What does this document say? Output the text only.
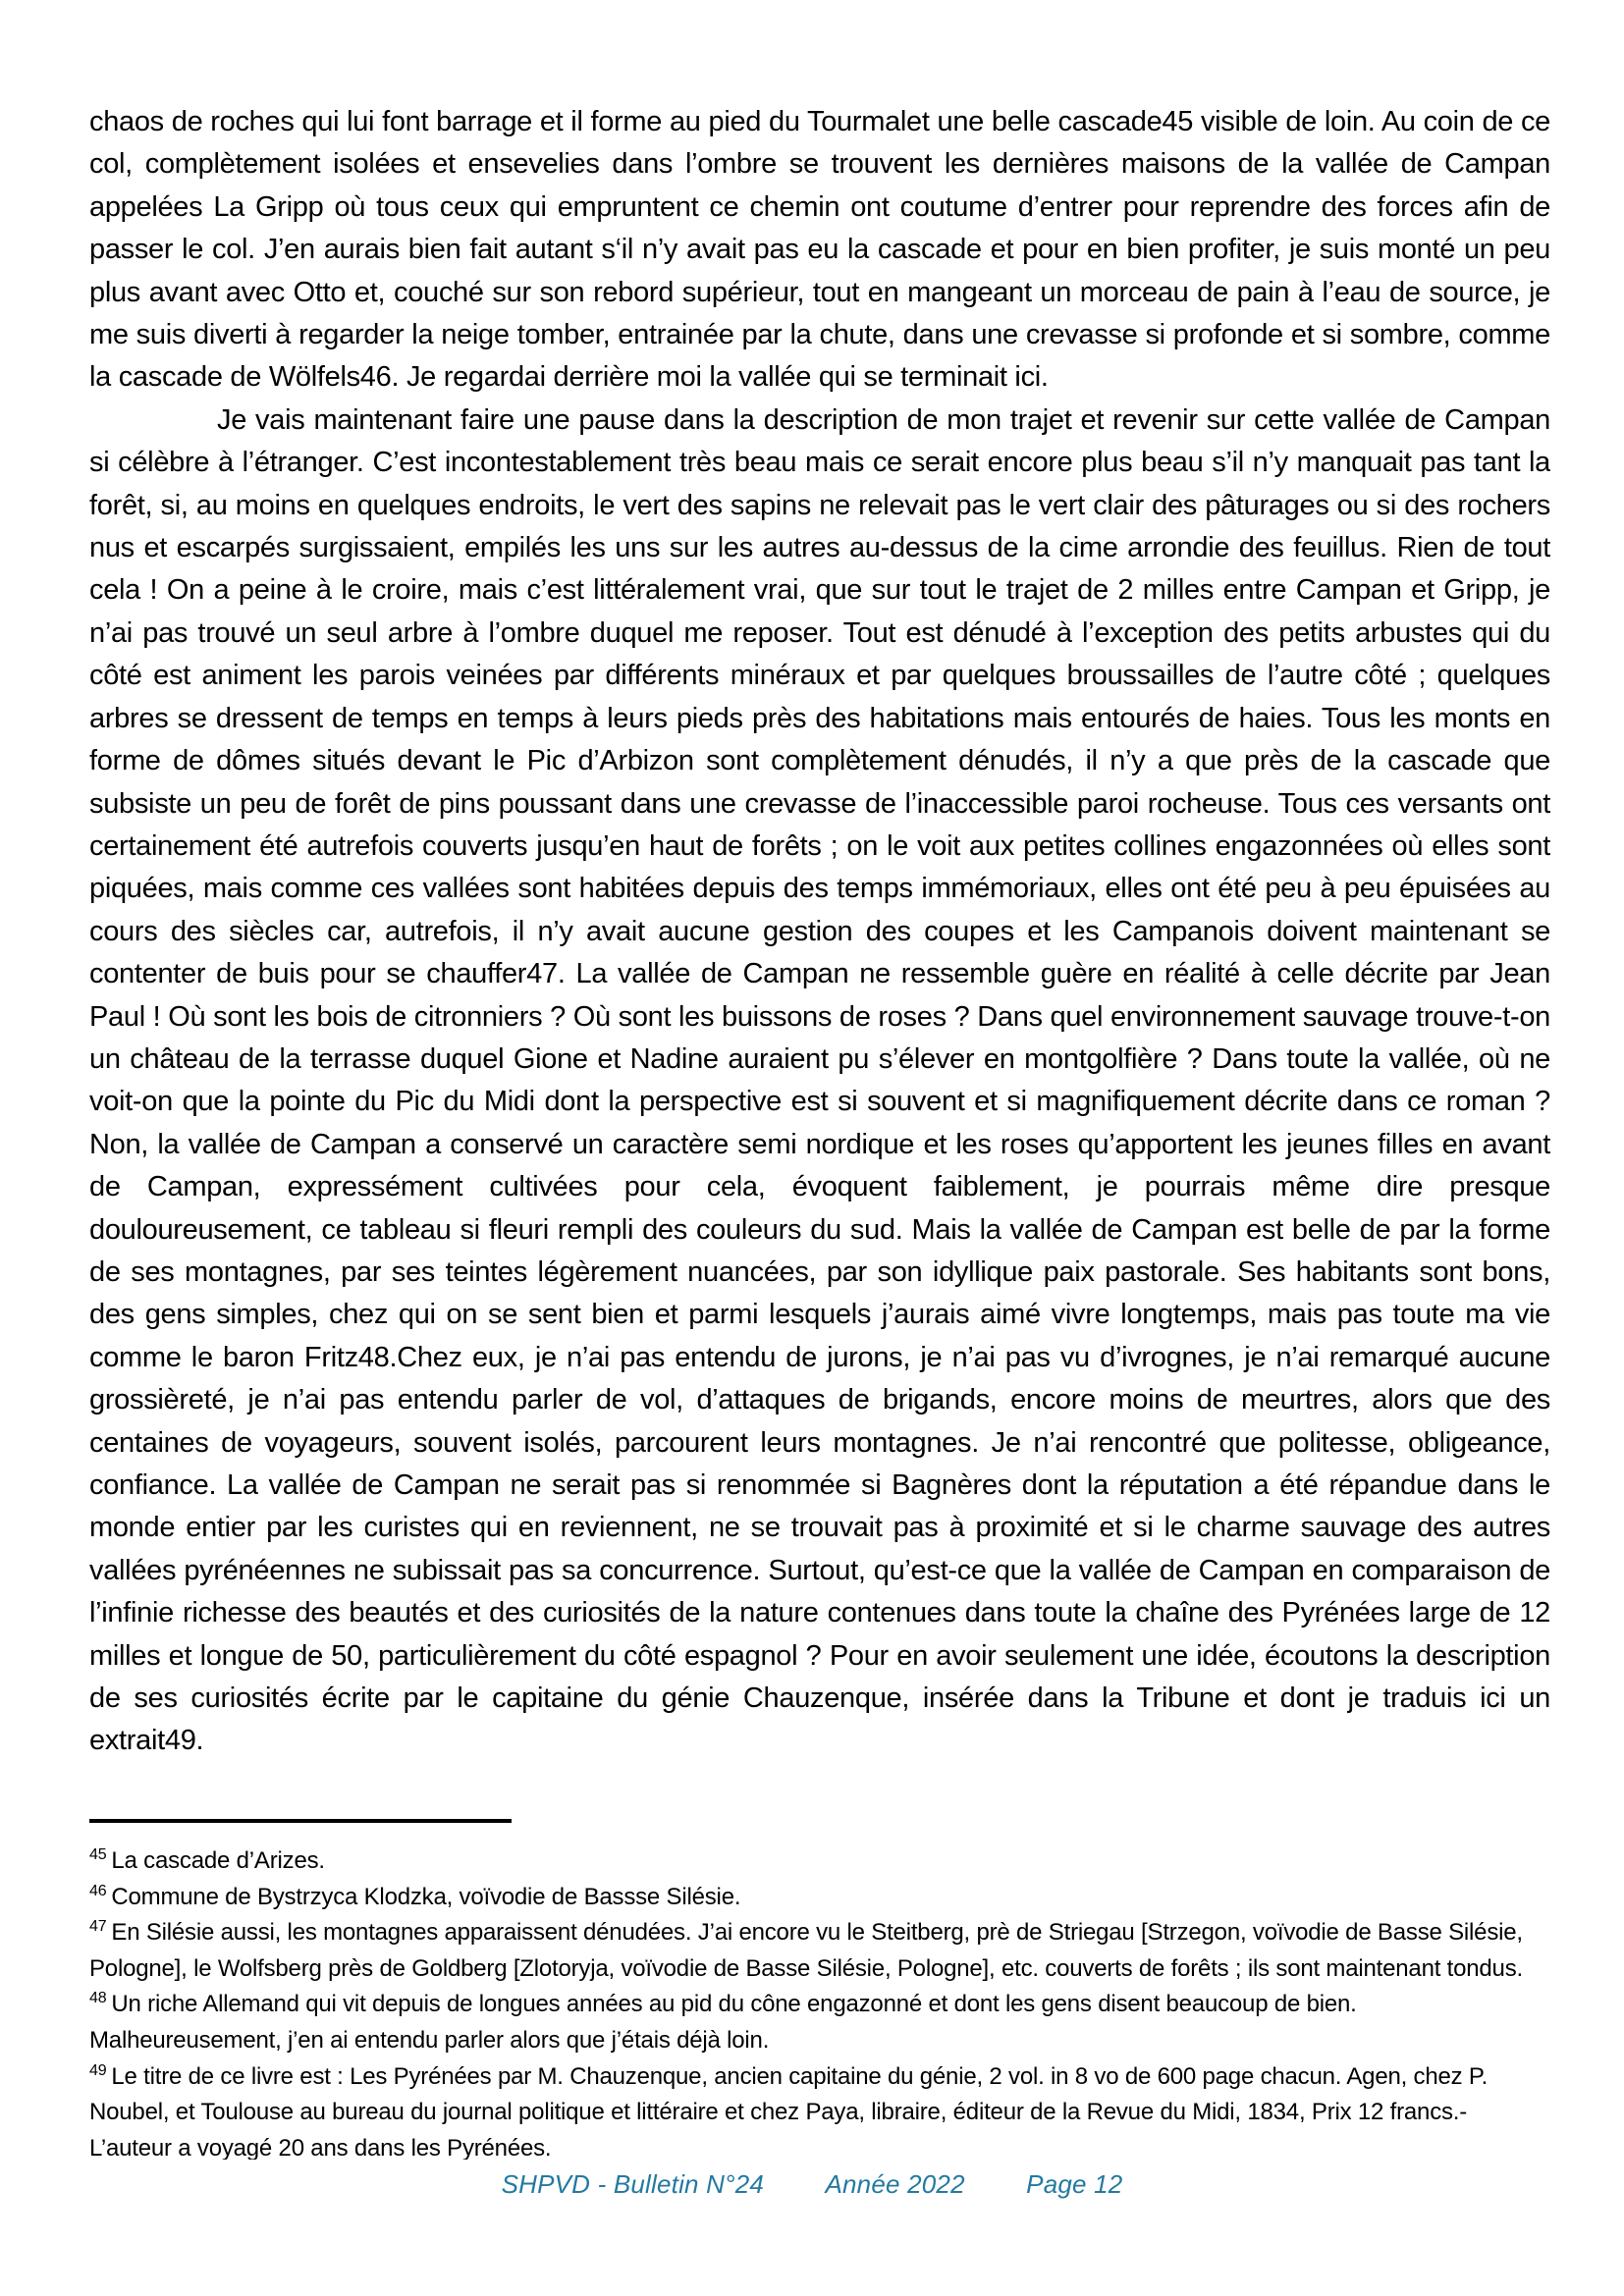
chaos de roches qui lui font barrage et il forme au pied du Tourmalet une belle cascade45 visible de loin. Au coin de ce col, complètement isolées et ensevelies dans l’ombre se trouvent les dernières maisons de la vallée de Campan appelées La Gripp où tous ceux qui empruntent ce chemin ont coutume d’entrer pour reprendre des forces afin de passer le col. J’en aurais bien fait autant s‘il n’y avait pas eu la cascade et pour en bien profiter, je suis monté un peu plus avant avec Otto et, couché sur son rebord supérieur, tout en mangeant un morceau de pain à l’eau de source, je me suis diverti à regarder la neige tomber, entrainée par la chute, dans une crevasse si profonde et si sombre, comme la cascade de Wölfels46. Je regardai derrière moi la vallée qui se terminait ici.

Je vais maintenant faire une pause dans la description de mon trajet et revenir sur cette vallée de Campan si célèbre à l’étranger. C’est incontestablement très beau mais ce serait encore plus beau s’il n’y manquait pas tant la forêt, si, au moins en quelques endroits, le vert des sapins ne relevait pas le vert clair des pâturages ou si des rochers nus et escarpés surgissaient, empilés les uns sur les autres au-dessus de la cime arrondie des feuillus. Rien de tout cela ! On a peine à le croire, mais c’est littéralement vrai, que sur tout le trajet de 2 milles entre Campan et Gripp, je n’ai pas trouvé un seul arbre à l’ombre duquel me reposer. Tout est dénudé à l’exception des petits arbustes qui du côté est animent les parois veinées par différents minéraux et par quelques broussailles de l’autre côté ; quelques arbres se dressent de temps en temps à leurs pieds près des habitations mais entourés de haies. Tous les monts en forme de dômes situés devant le Pic d’Arbizon sont complètement dénudés, il n’y a que près de la cascade que subsiste un peu de forêt de pins poussant dans une crevasse de l’inaccessible paroi rocheuse. Tous ces versants ont certainement été autrefois couverts jusqu’en haut de forêts ; on le voit aux petites collines engazonnées où elles sont piquées, mais comme ces vallées sont habitées depuis des temps immémoriaux, elles ont été peu à peu épuisées au cours des siècles car, autrefois, il n’y avait aucune gestion des coupes et les Campanois doivent maintenant se contenter de buis pour se chauffer47. La vallée de Campan ne ressemble guère en réalité à celle décrite par Jean Paul ! Où sont les bois de citronniers ? Où sont les buissons de roses ? Dans quel environnement sauvage trouve-t-on un château de la terrasse duquel Gione et Nadine auraient pu s’élever en montgolfière ? Dans toute la vallée, où ne voit-on que la pointe du Pic du Midi dont la perspective est si souvent et si magnifiquement décrite dans ce roman ? Non, la vallée de Campan a conservé un caractère semi nordique et les roses qu’apportent les jeunes filles en avant de Campan, expressément cultivées pour cela, évoquent faiblement, je pourrais même dire presque douloureusement, ce tableau si fleuri rempli des couleurs du sud. Mais la vallée de Campan est belle de par la forme de ses montagnes, par ses teintes légèrement nuancées, par son idyllique paix pastorale. Ses habitants sont bons, des gens simples, chez qui on se sent bien et parmi lesquels j’aurais aimé vivre longtemps, mais pas toute ma vie comme le baron Fritz48.Chez eux, je n’ai pas entendu de jurons, je n’ai pas vu d’ivrognes, je n’ai remarqué aucune grossièreté, je n’ai pas entendu parler de vol, d’attaques de brigands, encore moins de meurtres, alors que des centaines de voyageurs, souvent isolés, parcourent leurs montagnes. Je n’ai rencontré que politesse, obligeance, confiance. La vallée de Campan ne serait pas si renommée si Bagnères dont la réputation a été répandue dans le monde entier par les curistes qui en reviennent, ne se trouvait pas à proximité et si le charme sauvage des autres vallées pyrénéennes ne subissait pas sa concurrence. Surtout, qu’est-ce que la vallée de Campan en comparaison de l’infinie richesse des beautés et des curiosités de la nature contenues dans toute la chaîne des Pyrénées large de 12 milles et longue de 50, particulièrement du côté espagnol ? Pour en avoir seulement une idée, écoutons la description de ses curiosités écrite par le capitaine du génie Chauzenque, insérée dans la Tribune et dont je traduis ici un extrait49.

$^{45}$ La cascade d’Arizes.
$^{46}$ Commune de Bystrzyca Klodzka, voïvodie de Bassse Silésie.
$^{47}$ En Silésie aussi, les montagnes apparaissent dénudées. J’ai encore vu le Steitberg, prè de Striegau [Strzegon, voïvodie de Basse Silésie, Pologne], le Wolfsberg près de Goldberg [Zlotoryja, voïvodie de Basse Silésie, Pologne], etc. couverts de forêts ; ils sont maintenant tondus.
$^{48}$ Un riche Allemand qui vit depuis de longues années au pid du cône engazonné et dont les gens disent beaucoup de bien. Malheureusement, j’en ai entendu parler alors que j’étais déjà loin.
$^{49}$ Le titre de ce livre est : Les Pyrénées par M. Chauzenque, ancien capitaine du génie, 2 vol. in 8 vo de 600 page chacun. Agen, chez P. Noubel, et Toulouse au bureau du journal politique et littéraire et chez Paya, libraire, éditeur de la Revue du Midi, 1834, Prix 12 francs.- L’auteur a voyagé 20 ans dans les Pyrénées.
SHPVD - Bulletin N°24 Année 2022 Page 12
